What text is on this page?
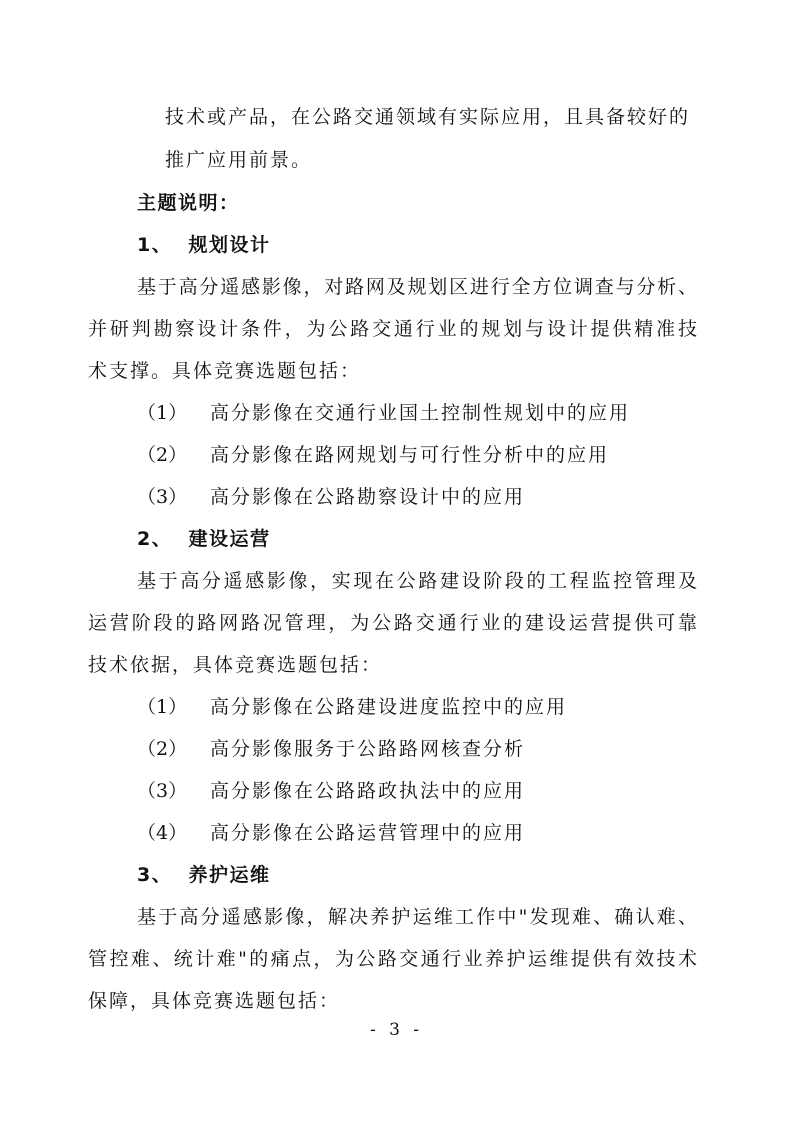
技术或产品，在公路交通领域有实际应用，且具备较好的
推广应用前景。
主题说明：
1、  规划设计
基于高分遥感影像，对路网及规划区进行全方位调查与分析、
并研判勘察设计条件，为公路交通行业的规划与设计提供精准技
术支撑。具体竞赛选题包括：
（1） 高分影像在交通行业国土控制性规划中的应用
（2） 高分影像在路网规划与可行性分析中的应用
（3） 高分影像在公路勘察设计中的应用
2、  建设运营
基于高分遥感影像，实现在公路建设阶段的工程监控管理及
运营阶段的路网路况管理，为公路交通行业的建设运营提供可靠
技术依据，具体竞赛选题包括：
（1） 高分影像在公路建设进度监控中的应用
（2） 高分影像服务于公路路网核查分析
（3） 高分影像在公路路政执法中的应用
（4） 高分影像在公路运营管理中的应用
3、  养护运维
基于高分遥感影像，解决养护运维工作中"发现难、确认难、
管控难、统计难"的痛点，为公路交通行业养护运维提供有效技术
保障，具体竞赛选题包括：
- 3 -
